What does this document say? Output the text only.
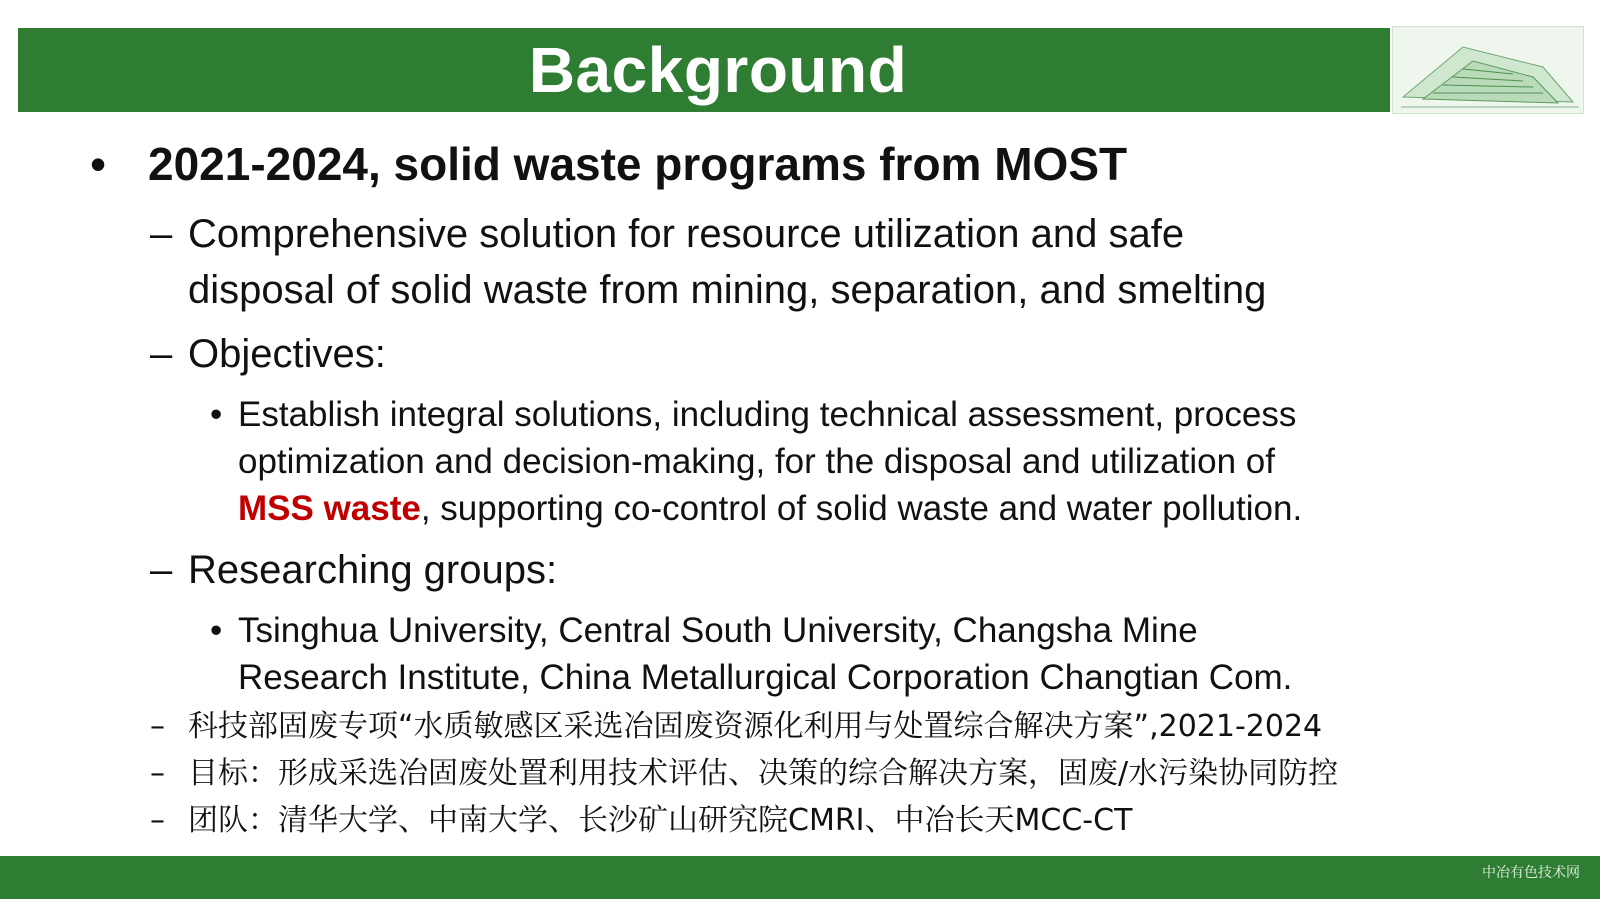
Background
• 2021-2024, solid waste programs from MOST
– Comprehensive solution for resource utilization and safe
disposal of solid waste from mining, separation, and smelting
– Objectives:
• Establish integral solutions, including technical assessment, process
optimization and decision-making, for the disposal and utilization of
MSS waste, supporting co-control of solid waste and water pollution.
– Researching groups:
• Tsinghua University, Central South University, Changsha Mine
Research Institute, China Metallurgical Corporation Changtian Com.
– 科技部固废专项“水质敏感区采选冶固废资源化利用与处置综合解决方案”,2021-2024
– 目标：形成采选冶固废处置利用技术评估、决策的综合解决方案，固废/水污染协同防控
– 团队：清华大学、中南大学、长沙矿山研究院CMRI、中冶长天MCC-CT
中冶有色技术网
